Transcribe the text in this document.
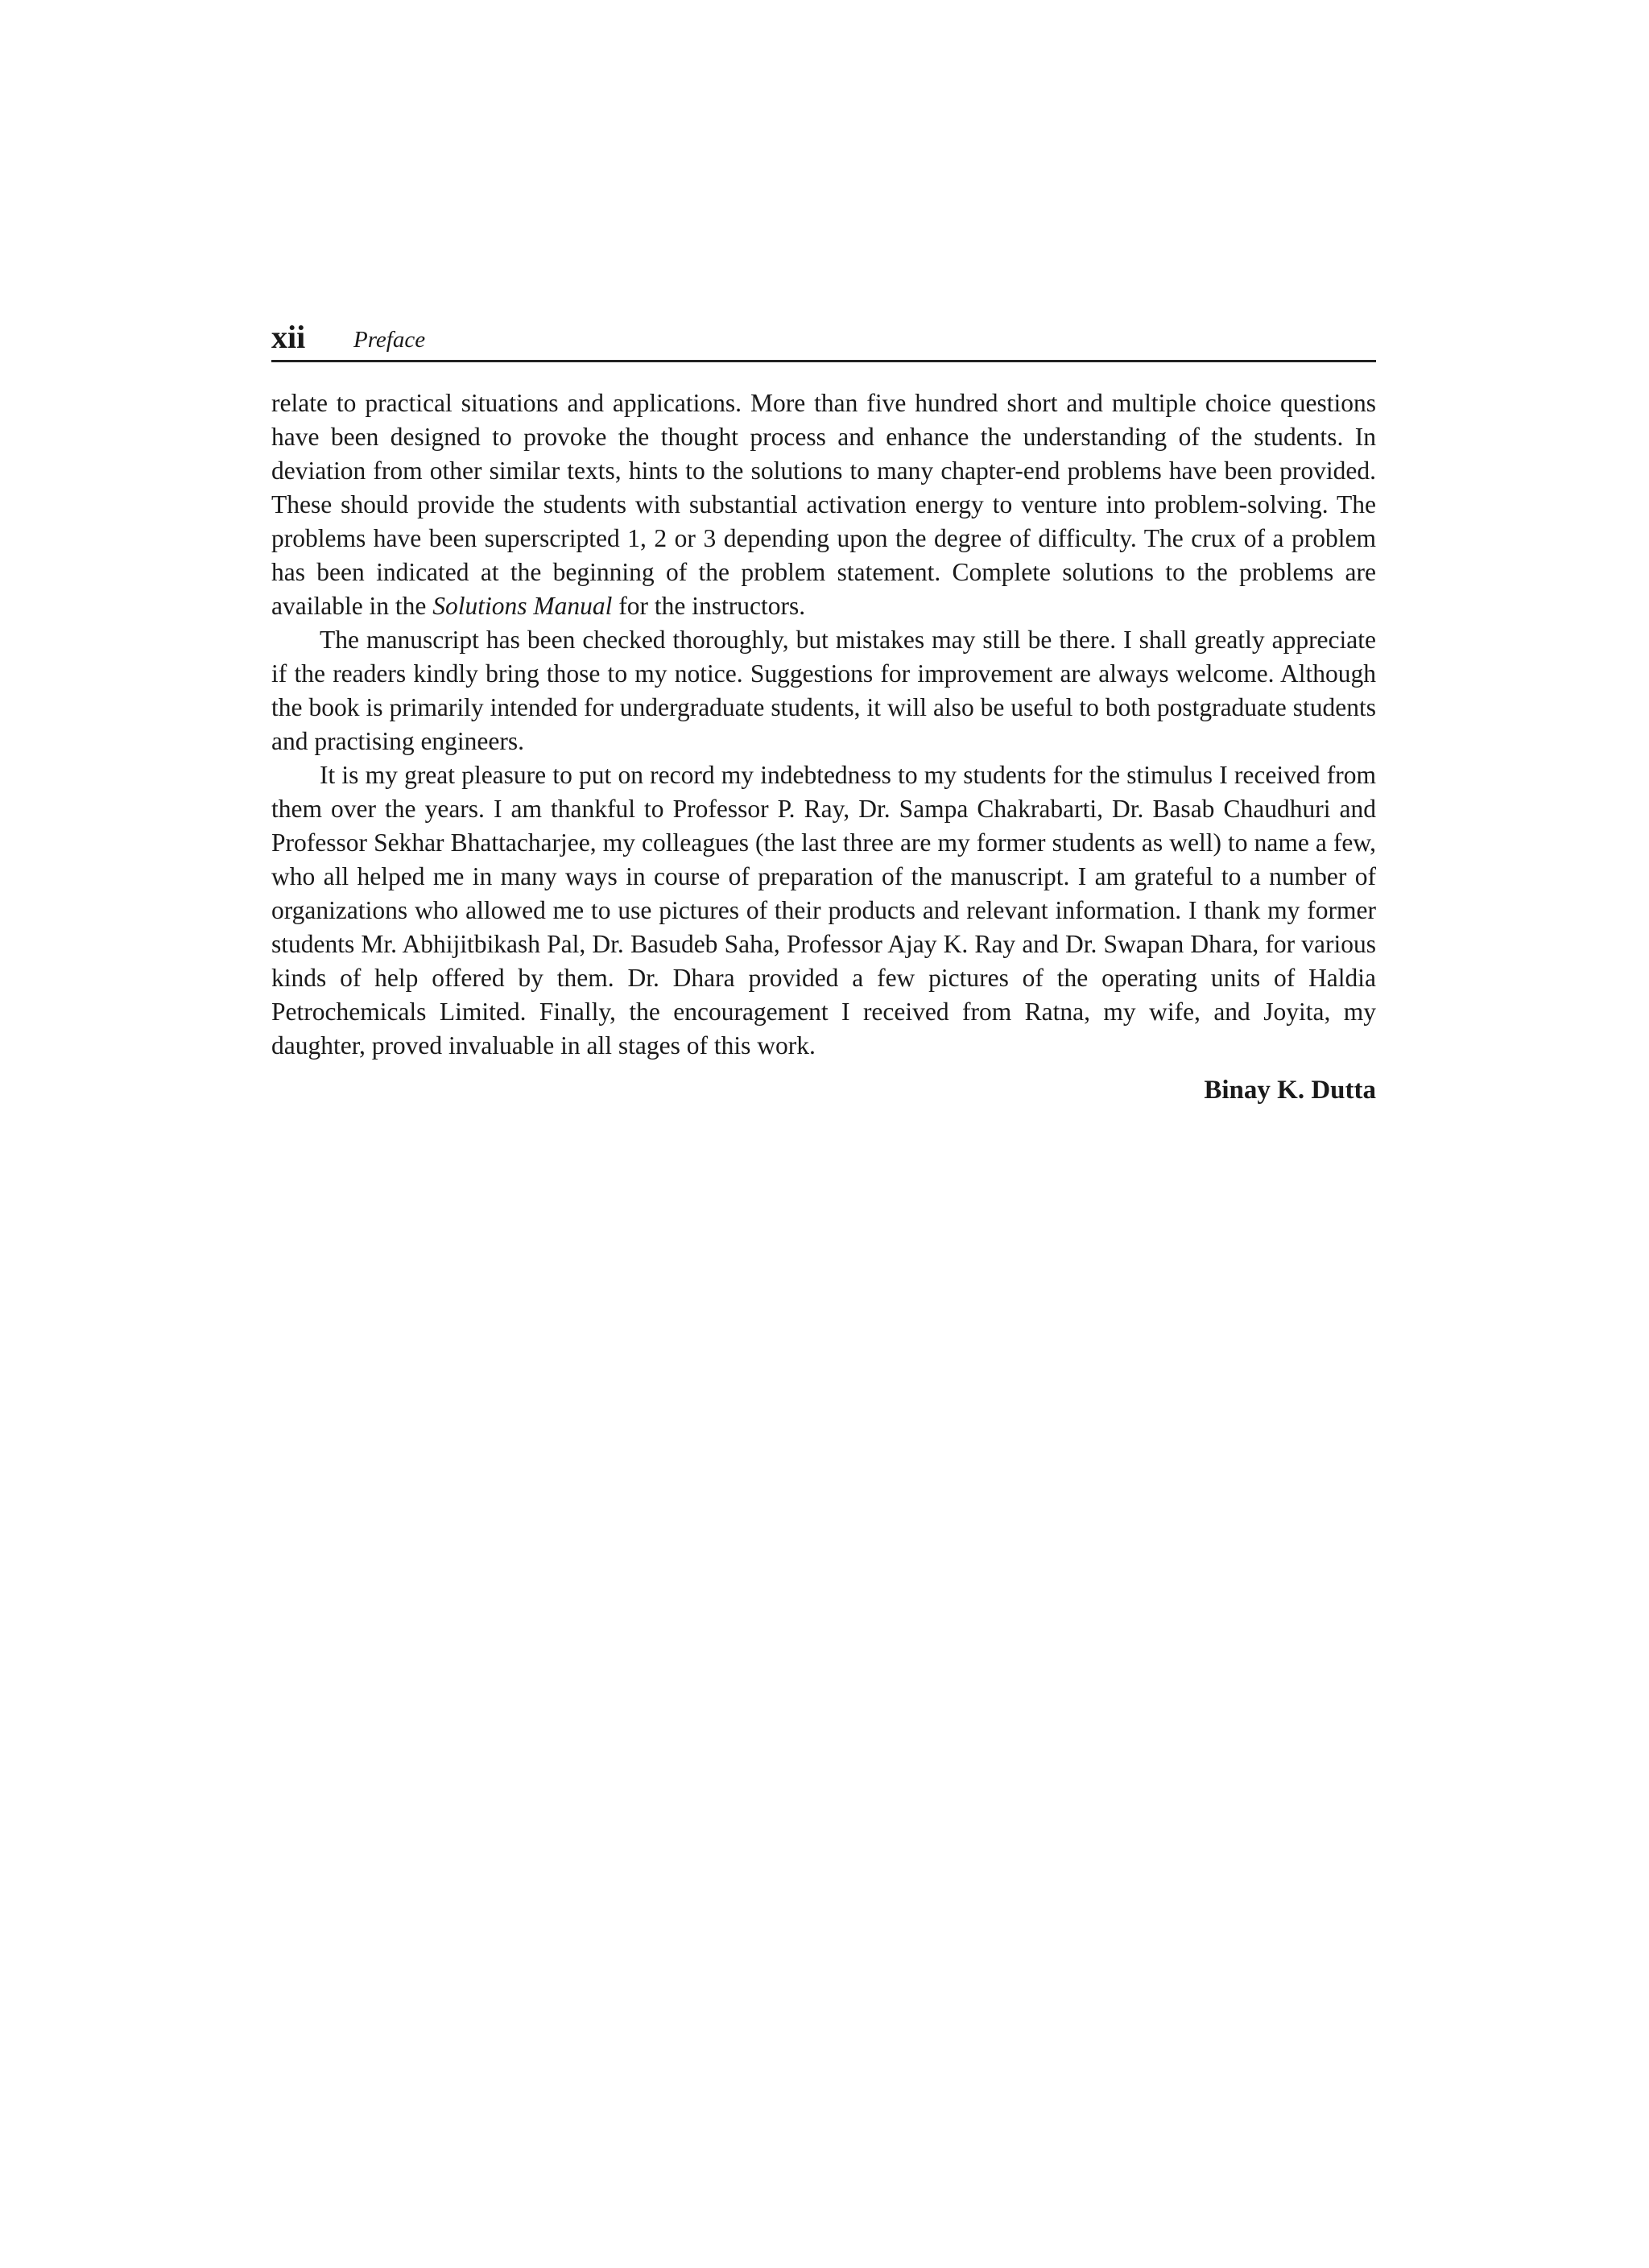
xii Preface

relate to practical situations and applications. More than five hundred short and multiple choice questions have been designed to provoke the thought process and enhance the understanding of the students. In deviation from other similar texts, hints to the solutions to many chapter-end problems have been provided. These should provide the students with substantial activation energy to venture into problem-solving. The problems have been superscripted 1, 2 or 3 depending upon the degree of difficulty. The crux of a problem has been indicated at the beginning of the problem statement. Complete solutions to the problems are available in the Solutions Manual for the instructors.

The manuscript has been checked thoroughly, but mistakes may still be there. I shall greatly appreciate if the readers kindly bring those to my notice. Suggestions for improvement are always welcome. Although the book is primarily intended for undergraduate students, it will also be useful to both postgraduate students and practising engineers.

It is my great pleasure to put on record my indebtedness to my students for the stimulus I received from them over the years. I am thankful to Professor P. Ray, Dr. Sampa Chakrabarti, Dr. Basab Chaudhuri and Professor Sekhar Bhattacharjee, my colleagues (the last three are my former students as well) to name a few, who all helped me in many ways in course of preparation of the manuscript. I am grateful to a number of organizations who allowed me to use pictures of their products and relevant information. I thank my former students Mr. Abhijitbikash Pal, Dr. Basudeb Saha, Professor Ajay K. Ray and Dr. Swapan Dhara, for various kinds of help offered by them. Dr. Dhara provided a few pictures of the operating units of Haldia Petrochemicals Limited. Finally, the encouragement I received from Ratna, my wife, and Joyita, my daughter, proved invaluable in all stages of this work.

Binay K. Dutta
